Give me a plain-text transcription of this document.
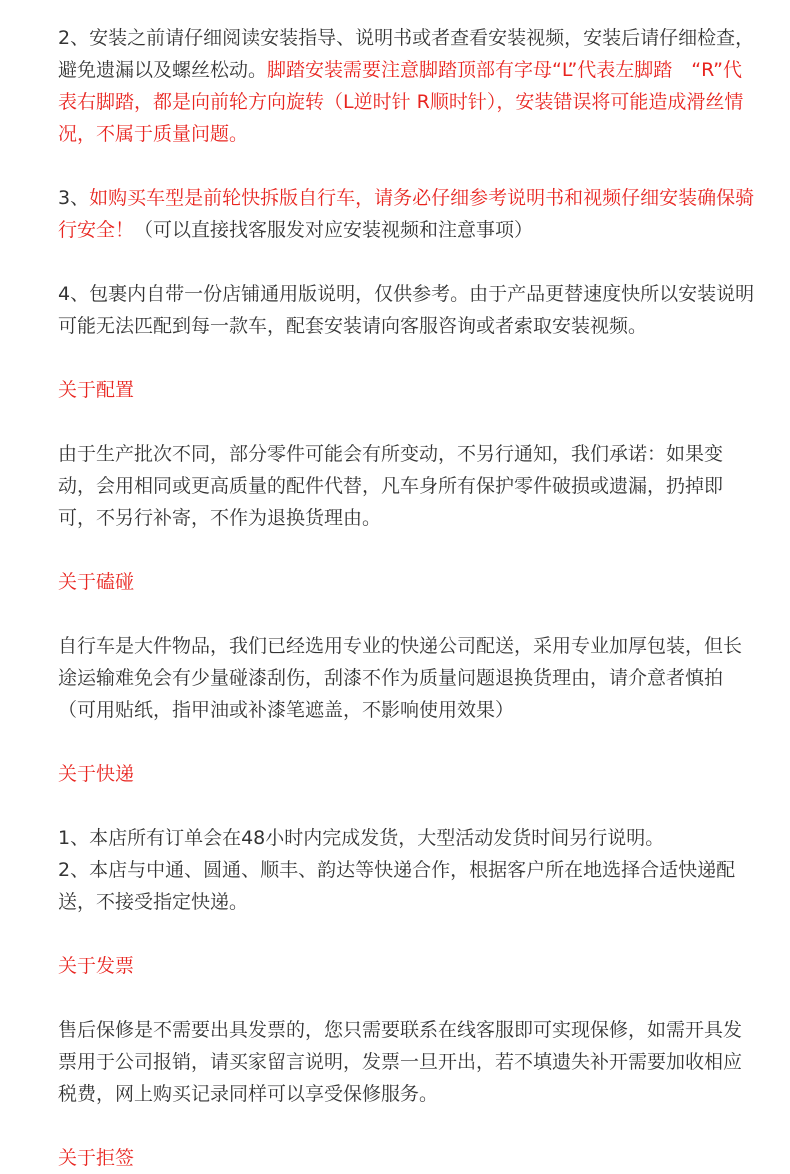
2、安装之前请仔细阅读安装指导、说明书或者查看安装视频，安装后请仔细检查，避免遗漏以及螺丝松动。脚踏安装需要注意脚踏顶部有字母“L”代表左脚踏　“R”代表右脚踏，都是向前轮方向旋转（L逆时针 R顺时针），安装错误将可能造成滑丝情况，不属于质量问题。

3、如购买车型是前轮快拆版自行车，请务必仔细参考说明书和视频仔细安装确保骑行安全！（可以直接找客服发对应安装视频和注意事项）

4、包裹内自带一份店铺通用版说明，仅供参考。由于产品更替速度快所以安装说明可能无法匹配到每一款车，配套安装请向客服咨询或者索取安装视频。

关于配置

由于生产批次不同，部分零件可能会有所变动，不另行通知，我们承诺：如果变动，会用相同或更高质量的配件代替，凡车身所有保护零件破损或遗漏，扔掉即可，不另行补寄，不作为退换货理由。

关于磕碰

自行车是大件物品，我们已经选用专业的快递公司配送，采用专业加厚包装，但长途运输难免会有少量碰漆刮伤，刮漆不作为质量问题退换货理由，请介意者慎拍（可用贴纸，指甲油或补漆笔遮盖，不影响使用效果）

关于快递

1、本店所有订单会在48小时内完成发货，大型活动发货时间另行说明。

2、本店与中通、圆通、顺丰、韵达等快递合作，根据客户所在地选择合适快递配送，不接受指定快递。

关于发票

售后保修是不需要出具发票的，您只需要联系在线客服即可实现保修，如需开具发票用于公司报销，请买家留言说明，发票一旦开出，若不填遗失补开需要加收相应税费，网上购买记录同样可以享受保修服务。

关于拒签
